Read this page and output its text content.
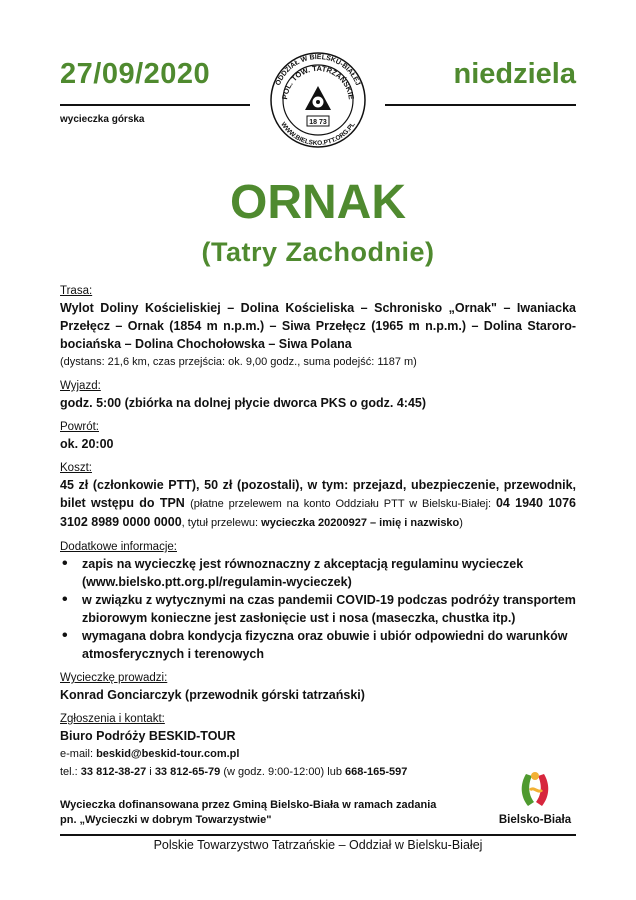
27/09/2020	niedziela
wycieczka górska
ODDZIAŁ W BIELSKU-BIAŁEJ
WWW.BIELSKO.PTT.ORG.PL
POL. TOW. TATRZAŃSKIE
18 73
ORNAK
(Tatry Zachodnie)
Trasa:
Wylot Doliny Kościeliskiej – Dolina Kościeliska – Schronisko „Ornak" – Iwaniacka Przełęcz – Ornak (1854 m n.p.m.) – Siwa Przełęcz (1965 m n.p.m.) – Dolina Staroro-bociańska – Dolina Chochołowska – Siwa Polana
(dystans: 21,6 km, czas przejścia: ok. 9,00 godz., suma podejść: 1187 m)
Wyjazd:
godz. 5:00 (zbiórka na dolnej płycie dworca PKS o godz. 4:45)
Powrót:
ok. 20:00
Koszt:
45 zł (członkowie PTT), 50 zł (pozostali), w tym: przejazd, ubezpieczenie, przewodnik, bilet wstępu do TPN (płatne przelewem na konto Oddziału PTT w Bielsku-Białej: 04 1940 1076 3102 8989 0000 0000, tytuł przelewu: wycieczka 20200927 – imię i nazwisko)
Dodatkowe informacje:
• zapis na wycieczkę jest równoznaczny z akceptacją regulaminu wycieczek (www.bielsko.ptt.org.pl/regulamin-wycieczek)
• w związku z wytycznymi na czas pandemii COVID-19 podczas podróży transportem zbiorowym konieczne jest zasłonięcie ust i nosa (maseczka, chustka itp.)
• wymagana dobra kondycja fizyczna oraz obuwie i ubiór odpowiedni do warunków atmosferycznych i terenowych
Wycieczkę prowadzi:
Konrad Gonciarczyk (przewodnik górski tatrzański)
Zgłoszenia i kontakt:
Biuro Podróży BESKID-TOUR
e-mail: beskid@beskid-tour.com.pl
tel.: 33 812-38-27 i 33 812-65-79 (w godz. 9:00-12:00) lub 668-165-597
Wycieczka dofinansowana przez Gminą Bielsko-Biała w ramach zadania
pn. „Wycieczki w dobrym Towarzystwie"	Bielsko-Biała
Polskie Towarzystwo Tatrzańskie – Oddział w Bielsku-Białej
